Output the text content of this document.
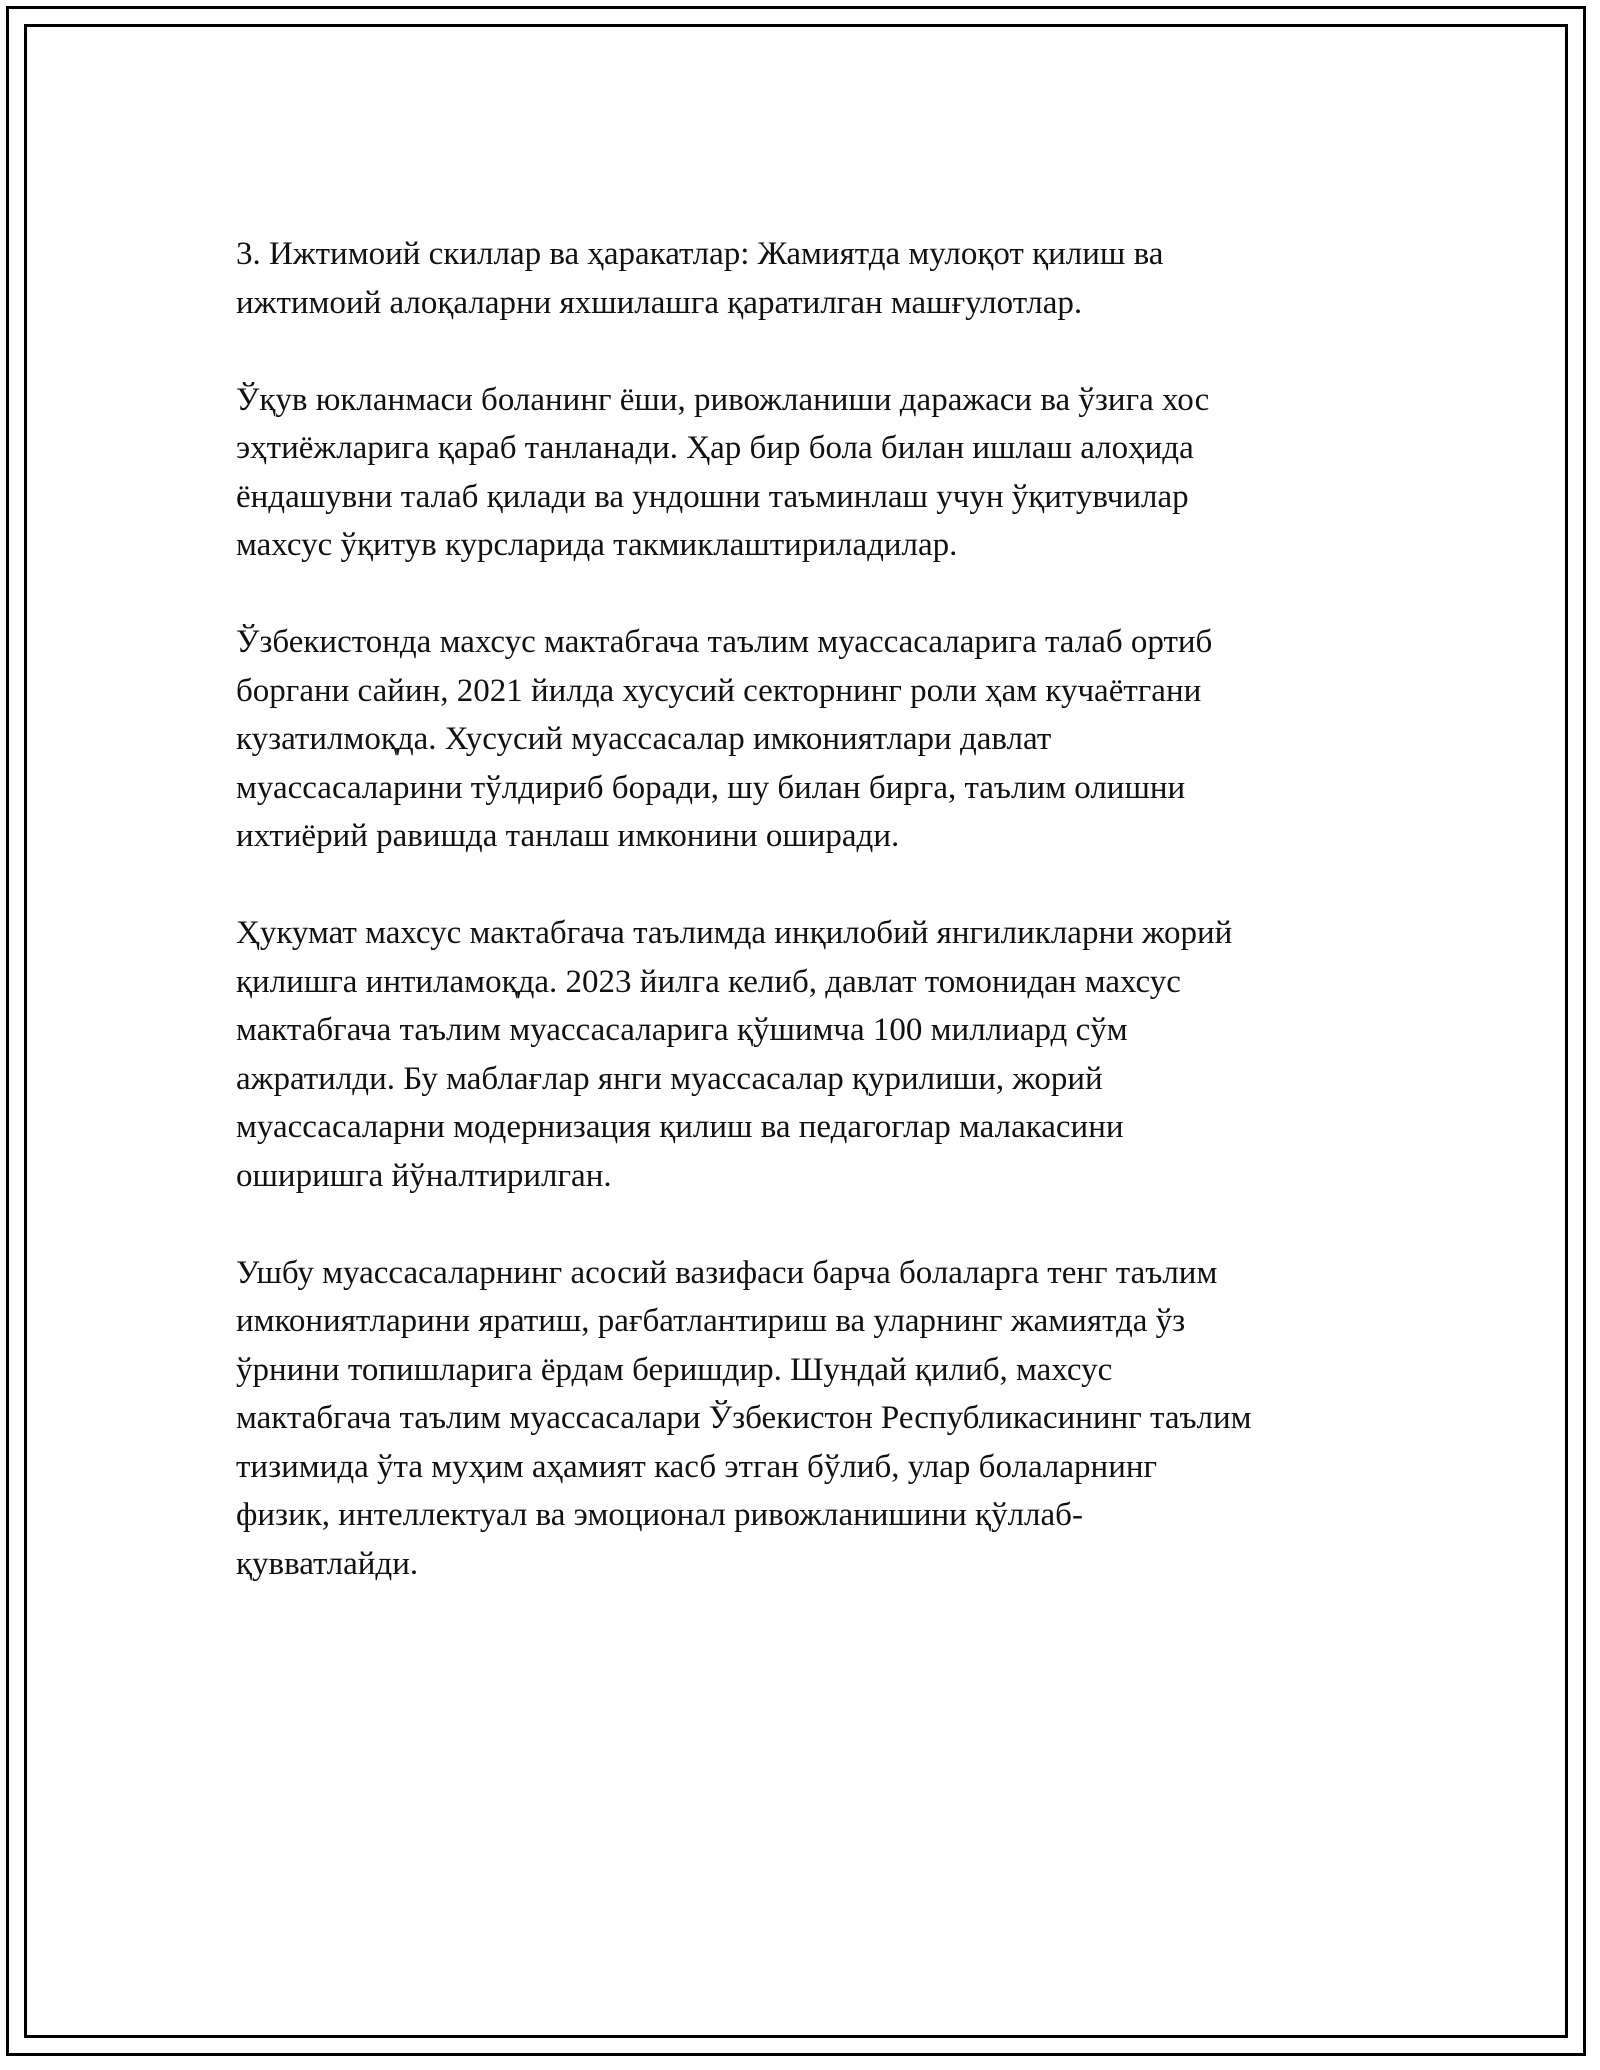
3. Ижтимоий скиллар ва ҳаракатлар: Жамиятда мулоқот қилиш ва
ижтимоий алоқаларни яхшилашга қаратилган машғулотлар.

Ўқув юкланмаси боланинг ёши, ривожланиши даражаси ва ўзига хос
эҳтиёжларига қараб танланади. Ҳар бир бола билан ишлаш алоҳида
ёндашувни талаб қилади ва ундошни таъминлаш учун ўқитувчилар
махсус ўқитув курсларида такмиклаштириладилар.

Ўзбекистонда махсус мактабгача таълим муассасаларига талаб ортиб
боргани сайин, 2021 йилда хусусий секторнинг роли ҳам кучаётгани
кузатилмоқда. Хусусий муассасалар имкониятлари давлат
муассасаларини тўлдириб боради, шу билан бирга, таълим олишни
ихтиёрий равишда танлаш имконини оширади.

Ҳукумат махсус мактабгача таълимда инқилобий янгиликларни жорий
қилишга интиламоқда. 2023 йилга келиб, давлат томонидан махсус
мактабгача таълим муассасаларига қўшимча 100 миллиард сўм
ажратилди. Бу маблағлар янги муассасалар қурилиши, жорий
муассасаларни модернизация қилиш ва педагоглар малакасини
оширишга йўналтирилган.

Ушбу муассасаларнинг асосий вазифаси барча болаларга тенг таълим
имкониятларини яратиш, рағбатлантириш ва уларнинг жамиятда ўз
ўрнини топишларига ёрдам беришдир. Шундай қилиб, махсус
мактабгача таълим муассасалари Ўзбекистон Республикасининг таълим
тизимида ўта муҳим аҳамият касб этган бўлиб, улар болаларнинг
физик, интеллектуал ва эмоционал ривожланишини қўллаб-
қувватлайди.
